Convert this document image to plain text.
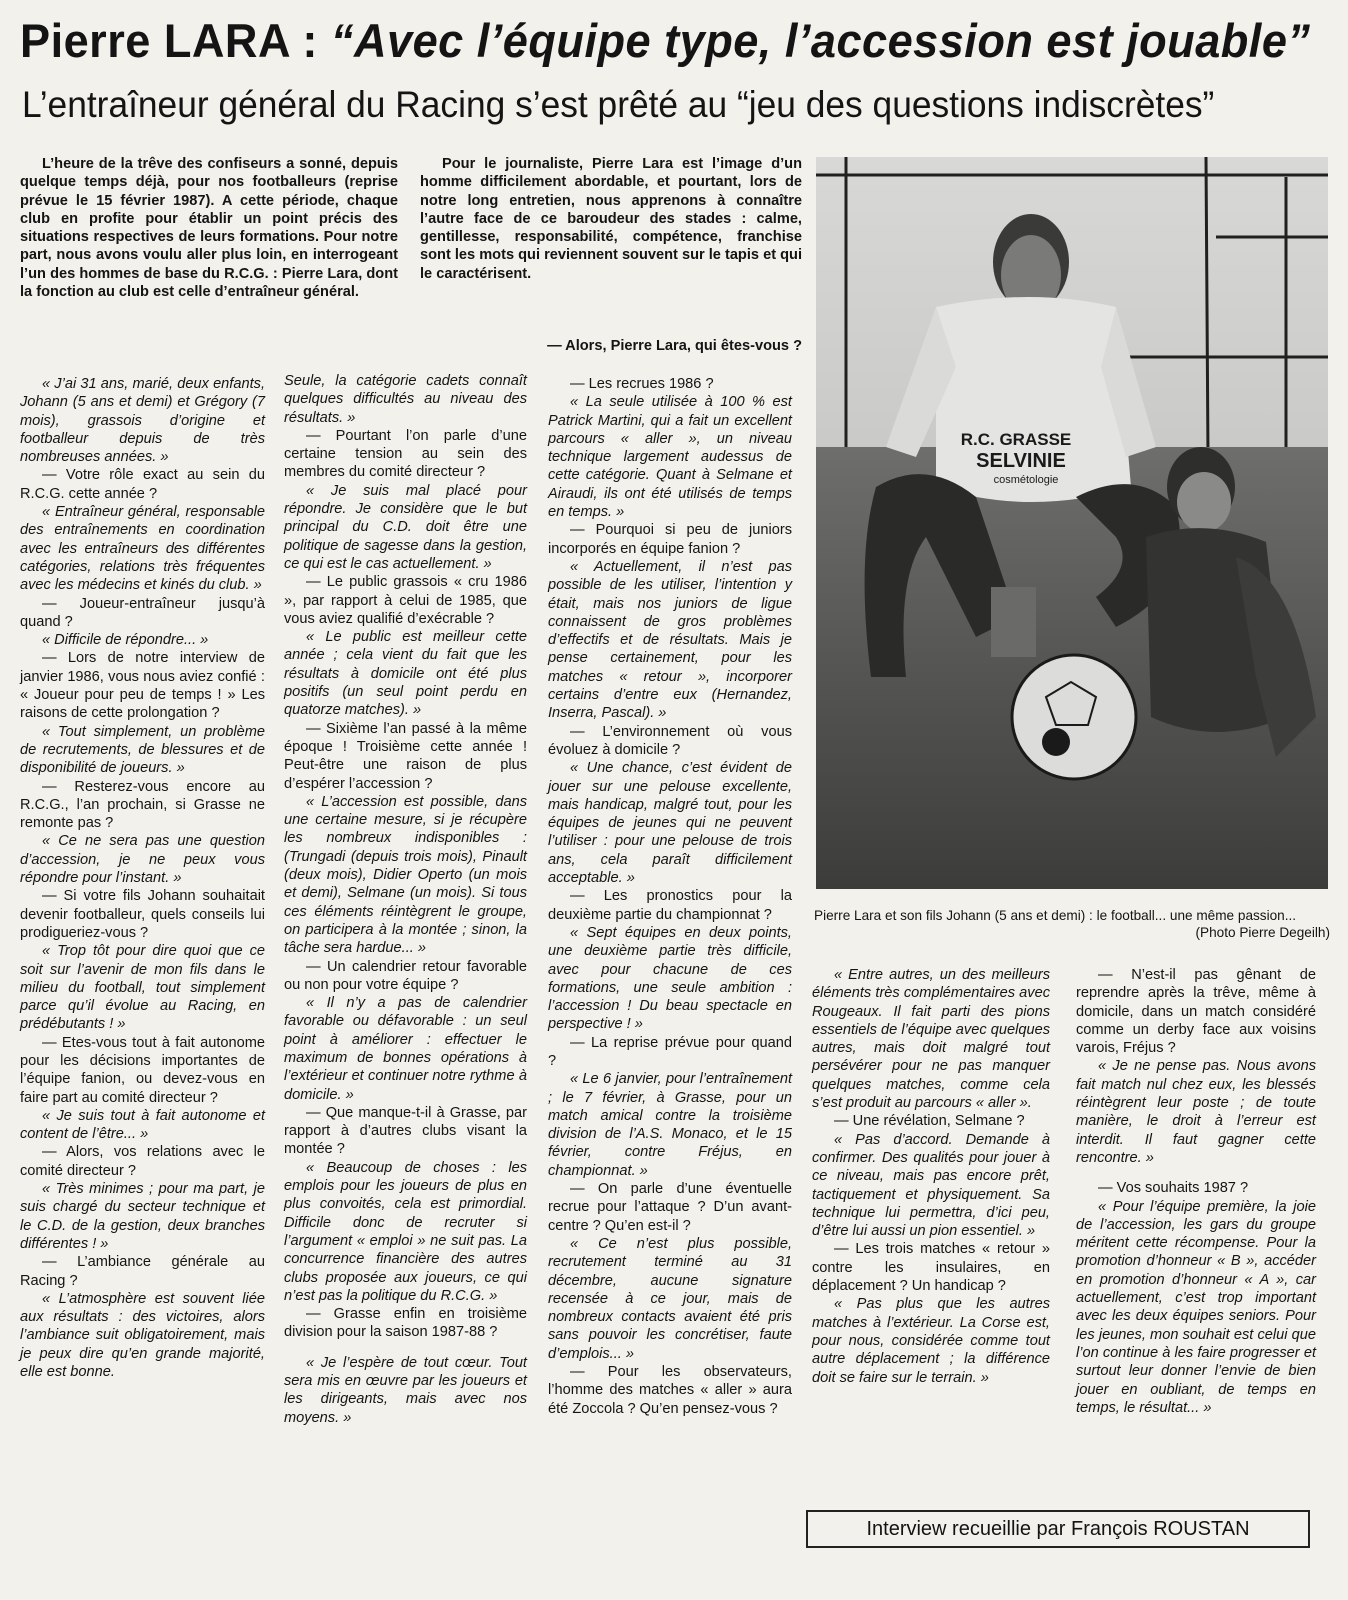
Pierre LARA : “Avec l’équipe type, l’accession est jouable”
L’entraîneur général du Racing s’est prêté au “jeu des questions indiscrètes”

L’heure de la trêve des confiseurs a sonné, depuis quelque temps déjà, pour nos footballeurs (reprise prévue le 15 février 1987). A cette période, chaque club en profite pour établir un point précis des situations respectives de leurs formations. Pour notre part, nous avons voulu aller plus loin, en interrogeant l’un des hommes de base du R.C.G. : Pierre Lara, dont la fonction au club est celle d’entraîneur général.

Pour le journaliste, Pierre Lara est l’image d’un homme difficilement abordable, et pourtant, lors de notre long entretien, nous apprenons à connaître l’autre face de ce baroudeur des stades : calme, gentillesse, responsabilité, compétence, franchise sont les mots qui reviennent souvent sur le tapis et qui le caractérisent.

— Alors, Pierre Lara, qui êtes-vous ?

« J’ai 31 ans, marié, deux enfants, Johann (5 ans et demi) et Grégory (7 mois), grassois d’origine et footballeur depuis de très nombreuses années. »

— Votre rôle exact au sein du R.C.G. cette année ?

« Entraîneur général, responsable des entraînements en coordination avec les entraîneurs des différentes catégories, relations très fréquentes avec les médecins et kinés du club. »

— Joueur-entraîneur jusqu’à quand ?

« Difficile de répondre... »

— Lors de notre interview de janvier 1986, vous nous aviez confié : « Joueur pour peu de temps ! » Les raisons de cette prolongation ?

« Tout simplement, un problème de recrutements, de blessures et de disponibilité de joueurs. »

— Resterez-vous encore au R.C.G., l’an prochain, si Grasse ne remonte pas ?

« Ce ne sera pas une question d’accession, je ne peux vous répondre pour l’instant. »

— Si votre fils Johann souhaitait devenir footballeur, quels conseils lui prodigueriez-vous ?

« Trop tôt pour dire quoi que ce soit sur l’avenir de mon fils dans le milieu du football, tout simplement parce qu’il évolue au Racing, en prédébutants ! »

— Etes-vous tout à fait autonome pour les décisions importantes de l’équipe fanion, ou devez-vous en faire part au comité directeur ?

« Je suis tout à fait autonome et content de l’être... »

— Alors, vos relations avec le comité directeur ?

« Très minimes ; pour ma part, je suis chargé du secteur technique et le C.D. de la gestion, deux branches différentes ! »

— L’ambiance générale au Racing ?

« L’atmosphère est souvent liée aux résultats : des victoires, alors l’ambiance suit obligatoirement, mais je peux dire qu’en grande majorité, elle est bonne.

Seule, la catégorie cadets connaît quelques difficultés au niveau des résultats. »

— Pourtant l’on parle d’une certaine tension au sein des membres du comité directeur ?

« Je suis mal placé pour répondre. Je considère que le but principal du C.D. doit être une politique de sagesse dans la gestion, ce qui est le cas actuellement. »

— Le public grassois « cru 1986 », par rapport à celui de 1985, que vous aviez qualifié d’exécrable ?

« Le public est meilleur cette année ; cela vient du fait que les résultats à domicile ont été plus positifs (un seul point perdu en quatorze matches). »

— Sixième l’an passé à la même époque ! Troisième cette année ! Peut-être une raison de plus d’espérer l’accession ?

« L’accession est possible, dans une certaine mesure, si je récupère les nombreux indisponibles : (Trungadi (depuis trois mois), Pinault (deux mois), Didier Operto (un mois et demi), Selmane (un mois). Si tous ces éléments réintègrent le groupe, on participera à la montée ; sinon, la tâche sera hardue... »

— Un calendrier retour favorable ou non pour votre équipe ?

« Il n’y a pas de calendrier favorable ou défavorable : un seul point à améliorer : effectuer le maximum de bonnes opérations à l’extérieur et continuer notre rythme à domicile. »

— Que manque-t-il à Grasse, par rapport à d’autres clubs visant la montée ?

« Beaucoup de choses : les emplois pour les joueurs de plus en plus convoités, cela est primordial. Difficile donc de recruter si l’argument « emploi » ne suit pas. La concurrence financière des autres clubs proposée aux joueurs, ce qui n’est pas la politique du R.C.G. »

— Grasse enfin en troisième division pour la saison 1987-88 ?

« Je l’espère de tout cœur. Tout sera mis en œuvre par les joueurs et les dirigeants, mais avec nos moyens. »

— Les recrues 1986 ?

« La seule utilisée à 100 % est Patrick Martini, qui a fait un excellent parcours « aller », un niveau technique largement audessus de cette catégorie. Quant à Selmane et Airaudi, ils ont été utilisés de temps en temps. »

— Pourquoi si peu de juniors incorporés en équipe fanion ?

« Actuellement, il n’est pas possible de les utiliser, l’intention y était, mais nos juniors de ligue connaissent de gros problèmes d’effectifs et de résultats. Mais je pense certainement, pour les matches « retour », incorporer certains d’entre eux (Hernandez, Inserra, Pascal). »

— L’environnement où vous évoluez à domicile ?

« Une chance, c’est évident de jouer sur une pelouse excellente, mais handicap, malgré tout, pour les équipes de jeunes qui ne peuvent l’utiliser : pour une pelouse de trois ans, cela paraît difficilement acceptable. »

— Les pronostics pour la deuxième partie du championnat ?

« Sept équipes en deux points, une deuxième partie très difficile, avec pour chacune de ces formations, une seule ambition : l’accession ! Du beau spectacle en perspective ! »

— La reprise prévue pour quand ?

« Le 6 janvier, pour l’entraînement ; le 7 février, à Grasse, pour un match amical contre la troisième division de l’A.S. Monaco, et le 15 février, contre Fréjus, en championnat. »

— On parle d’une éventuelle recrue pour l’attaque ? D’un avant-centre ? Qu’en est-il ?

« Ce n’est plus possible, recrutement terminé au 31 décembre, aucune signature recensée à ce jour, mais de nombreux contacts avaient été pris sans pouvoir les concrétiser, faute d’emplois... »

— Pour les observateurs, l’homme des matches « aller » aura été Zoccola ? Qu’en pensez-vous ?

« Entre autres, un des meilleurs éléments très complémentaires avec Rougeaux. Il fait parti des pions essentiels de l’équipe avec quelques autres, mais doit malgré tout persévérer pour ne pas manquer quelques matches, comme cela s’est produit au parcours « aller ».

— Une révélation, Selmane ?

« Pas d’accord. Demande à confirmer. Des qualités pour jouer à ce niveau, mais pas encore prêt, tactiquement et physiquement. Sa technique lui permettra, d’ici peu, d’être lui aussi un pion essentiel. »

— Les trois matches « retour » contre les insulaires, en déplacement ? Un handicap ?

« Pas plus que les autres matches à l’extérieur. La Corse est, pour nous, considérée comme tout autre déplacement ; la différence doit se faire sur le terrain. »

— N’est-il pas gênant de reprendre après la trêve, même à domicile, dans un match considéré comme un derby face aux voisins varois, Fréjus ?

« Je ne pense pas. Nous avons fait match nul chez eux, les blessés réintègrent leur poste ; de toute manière, le droit à l’erreur est interdit. Il faut gagner cette rencontre. »

— Vos souhaits 1987 ?

« Pour l’équipe première, la joie de l’accession, les gars du groupe méritent cette récompense. Pour la promotion d’honneur « B », accéder en promotion d’honneur « A », car actuellement, c’est trop important avec les deux équipes seniors. Pour les jeunes, mon souhait est celui que l’on continue à les faire progresser et surtout leur donner l’envie de bien jouer en oubliant, de temps en temps, le résultat... »

R.C. GRASSE
SELVINIE
cosmétologie
Pierre Lara et son fils Johann (5 ans et demi) : le football... une même passion...
(Photo Pierre Degeilh)
Interview recueillie par François ROUSTAN
